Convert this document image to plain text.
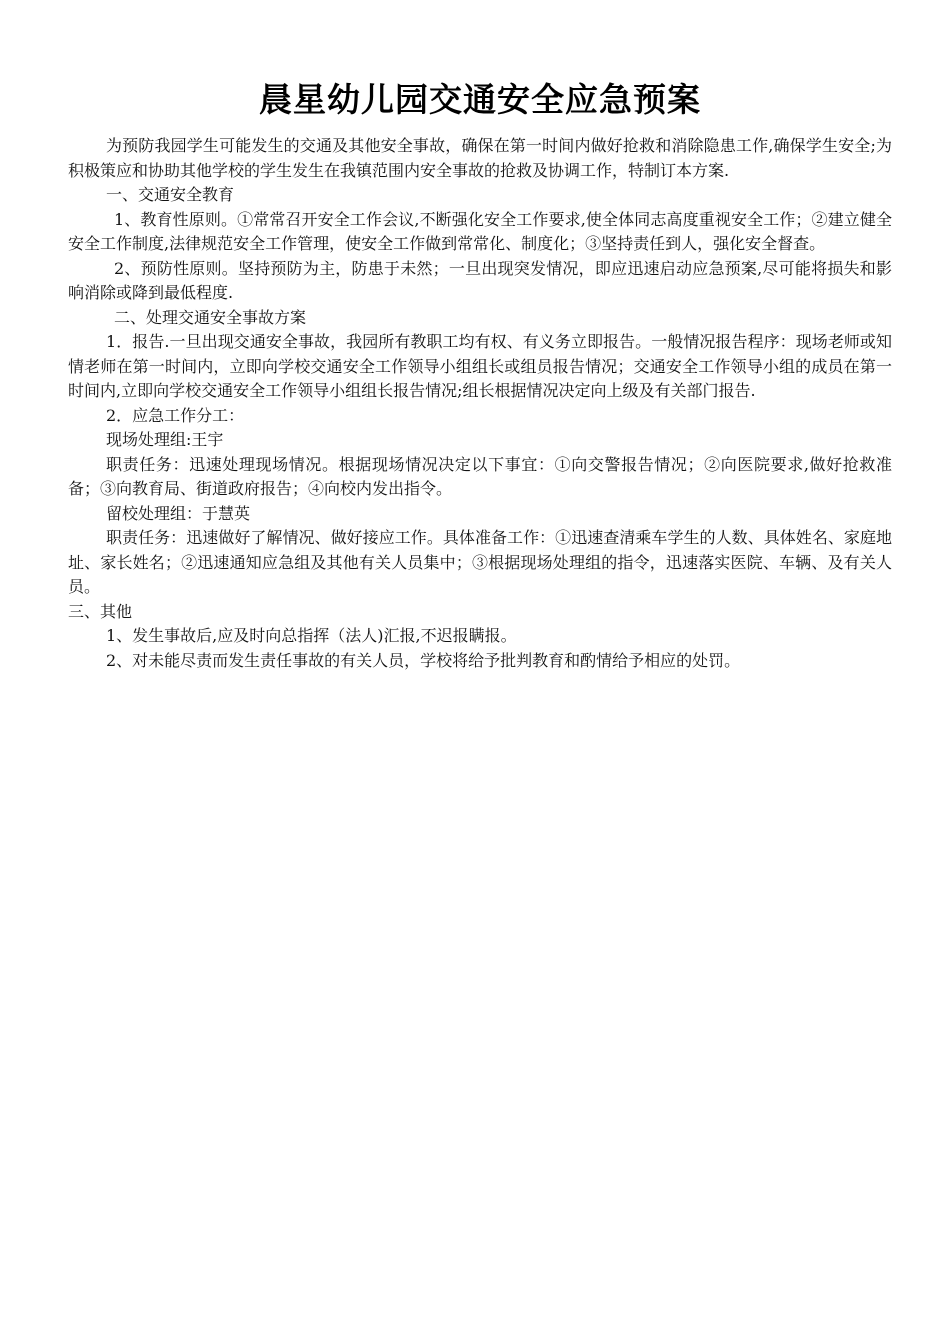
晨星幼儿园交通安全应急预案

为预防我园学生可能发生的交通及其他安全事故，确保在第一时间内做好抢救和消除隐患工作,确保学生安全;为积极策应和协助其他学校的学生发生在我镇范围内安全事故的抢救及协调工作，特制订本方案.

一、交通安全教育

1、教育性原则。①常常召开安全工作会议,不断强化安全工作要求,使全体同志高度重视安全工作；②建立健全安全工作制度,法律规范安全工作管理，使安全工作做到常常化、制度化；③坚持责任到人，强化安全督查。

2、预防性原则。坚持预防为主，防患于未然；一旦出现突发情况，即应迅速启动应急预案,尽可能将损失和影响消除或降到最低程度.

二、处理交通安全事故方案

1．报告.一旦出现交通安全事故，我园所有教职工均有权、有义务立即报告。一般情况报告程序：现场老师或知情老师在第一时间内，立即向学校交通安全工作领导小组组长或组员报告情况；交通安全工作领导小组的成员在第一时间内,立即向学校交通安全工作领导小组组长报告情况;组长根据情况决定向上级及有关部门报告.

2．应急工作分工：

现场处理组:王宇

职责任务：迅速处理现场情况。根据现场情况决定以下事宜：①向交警报告情况；②向医院要求,做好抢救准备；③向教育局、街道政府报告；④向校内发出指令。

留校处理组：于慧英

职责任务：迅速做好了解情况、做好接应工作。具体准备工作：①迅速查清乘车学生的人数、具体姓名、家庭地址、家长姓名；②迅速通知应急组及其他有关人员集中；③根据现场处理组的指令，迅速落实医院、车辆、及有关人员。

三、其他

1、发生事故后,应及时向总指挥（法人)汇报,不迟报瞒报。

2、对未能尽责而发生责任事故的有关人员，学校将给予批判教育和酌情给予相应的处罚。
